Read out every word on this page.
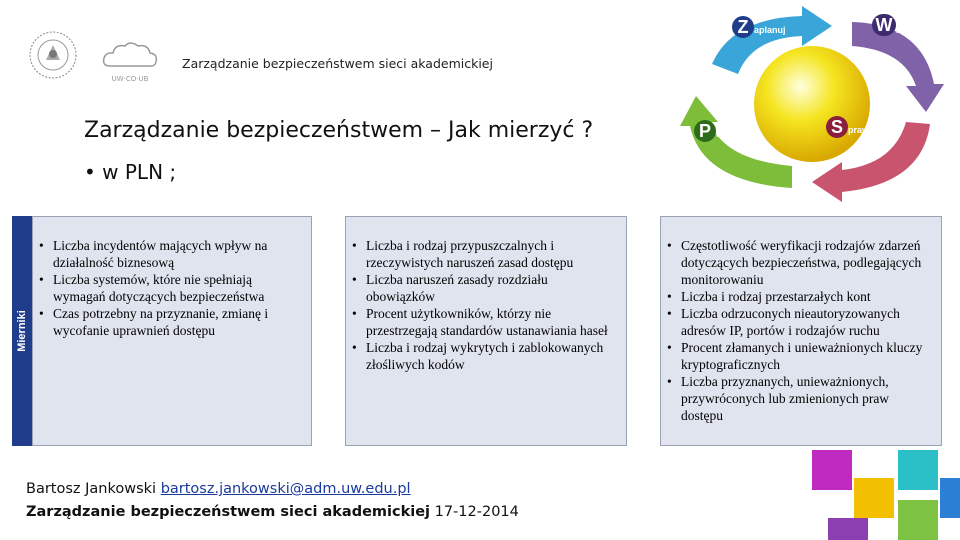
UW·CO·UB
Zarządzanie bezpieczeństwem sieci akademickiej
Zarządzanie bezpieczeństwem – Jak mierzyć ?
• w PLN ;
Z aplanuj	W ykonaj
S prawdź
P opraw
Mierniki
• Liczba incydentów mających wpływ na działalność biznesową
• Liczba systemów, które nie spełniają wymagań dotyczących bezpieczeństwa
• Czas potrzebny na przyznanie, zmianę i wycofanie uprawnień dostępu
• Liczba i rodzaj przypuszczalnych i rzeczywistych naruszeń zasad dostępu
• Liczba naruszeń zasady rozdziału obowiązków
• Procent użytkowników, którzy nie przestrzegają standardów ustanawiania haseł
• Liczba i rodzaj wykrytych i zablokowanych złośliwych kodów
• Częstotliwość weryfikacji rodzajów zdarzeń dotyczących bezpieczeństwa, podlegających monitorowaniu
• Liczba i rodzaj przestarzałych kont
• Liczba odrzuconych nieautoryzowanych adresów IP, portów i rodzajów ruchu
• Procent złamanych i unieważnionych kluczy kryptograficznych
• Liczba przyznanych, unieważnionych, przywróconych lub zmienionych praw dostępu
Bartosz Jankowski bartosz.jankowski@adm.uw.edu.pl
Zarządzanie bezpieczeństwem sieci akademickiej 17-12-2014
